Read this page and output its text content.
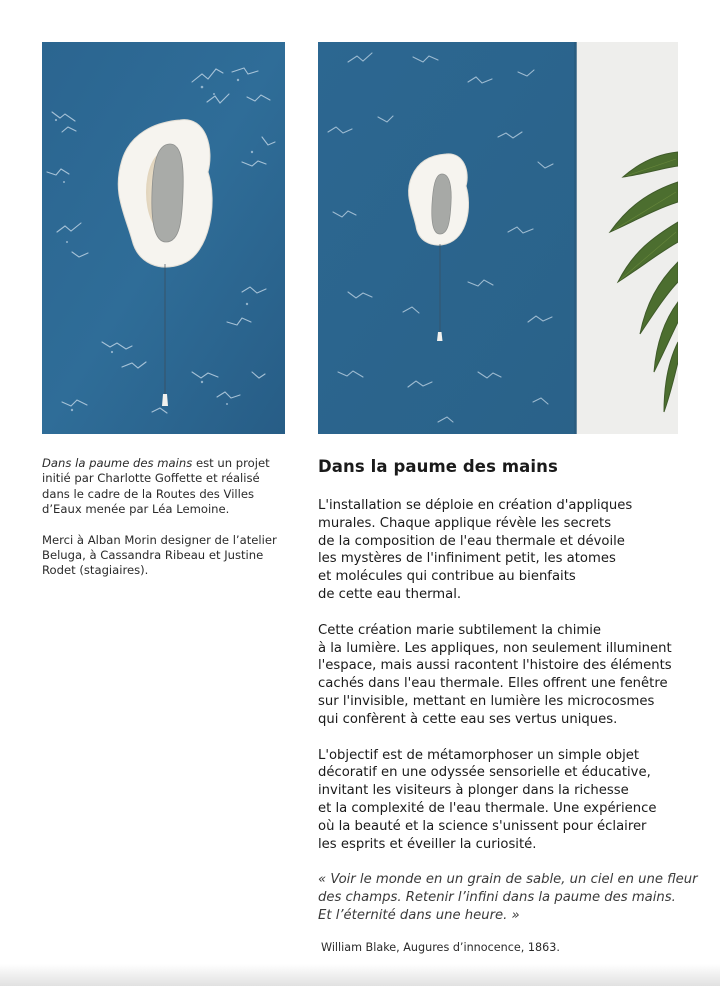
Dans la paume des mains est un projet initié par Charlotte Goffette et réalisé dans le cadre de la Routes des Villes d’Eaux menée par Léa Lemoine.

Merci à Alban Morin designer de l’atelier Beluga, à Cassandra Ribeau et Justine Rodet (stagiaires).

Dans la paume des mains
L'installation se déploie en création d'appliques
murales. Chaque applique révèle les secrets
de la composition de l'eau thermale et dévoile
les mystères de l'infiniment petit, les atomes
et molécules qui contribue au bienfaits
de cette eau thermal.
Cette création marie subtilement la chimie
à la lumière. Les appliques, non seulement illuminent
l'espace, mais aussi racontent l'histoire des éléments
cachés dans l'eau thermale. Elles offrent une fenêtre
sur l'invisible, mettant en lumière les microcosmes
qui confèrent à cette eau ses vertus uniques.
L'objectif est de métamorphoser un simple objet
décoratif en une odyssée sensorielle et éducative,
invitant les visiteurs à plonger dans la richesse
et la complexité de l'eau thermale. Une expérience
où la beauté et la science s'unissent pour éclairer
les esprits et éveiller la curiosité.
« Voir le monde en un grain de sable, un ciel en une fleur
des champs. Retenir l’infini dans la paume des mains.
Et l’éternité dans une heure. »

William Blake, Augures d’innocence, 1863.
